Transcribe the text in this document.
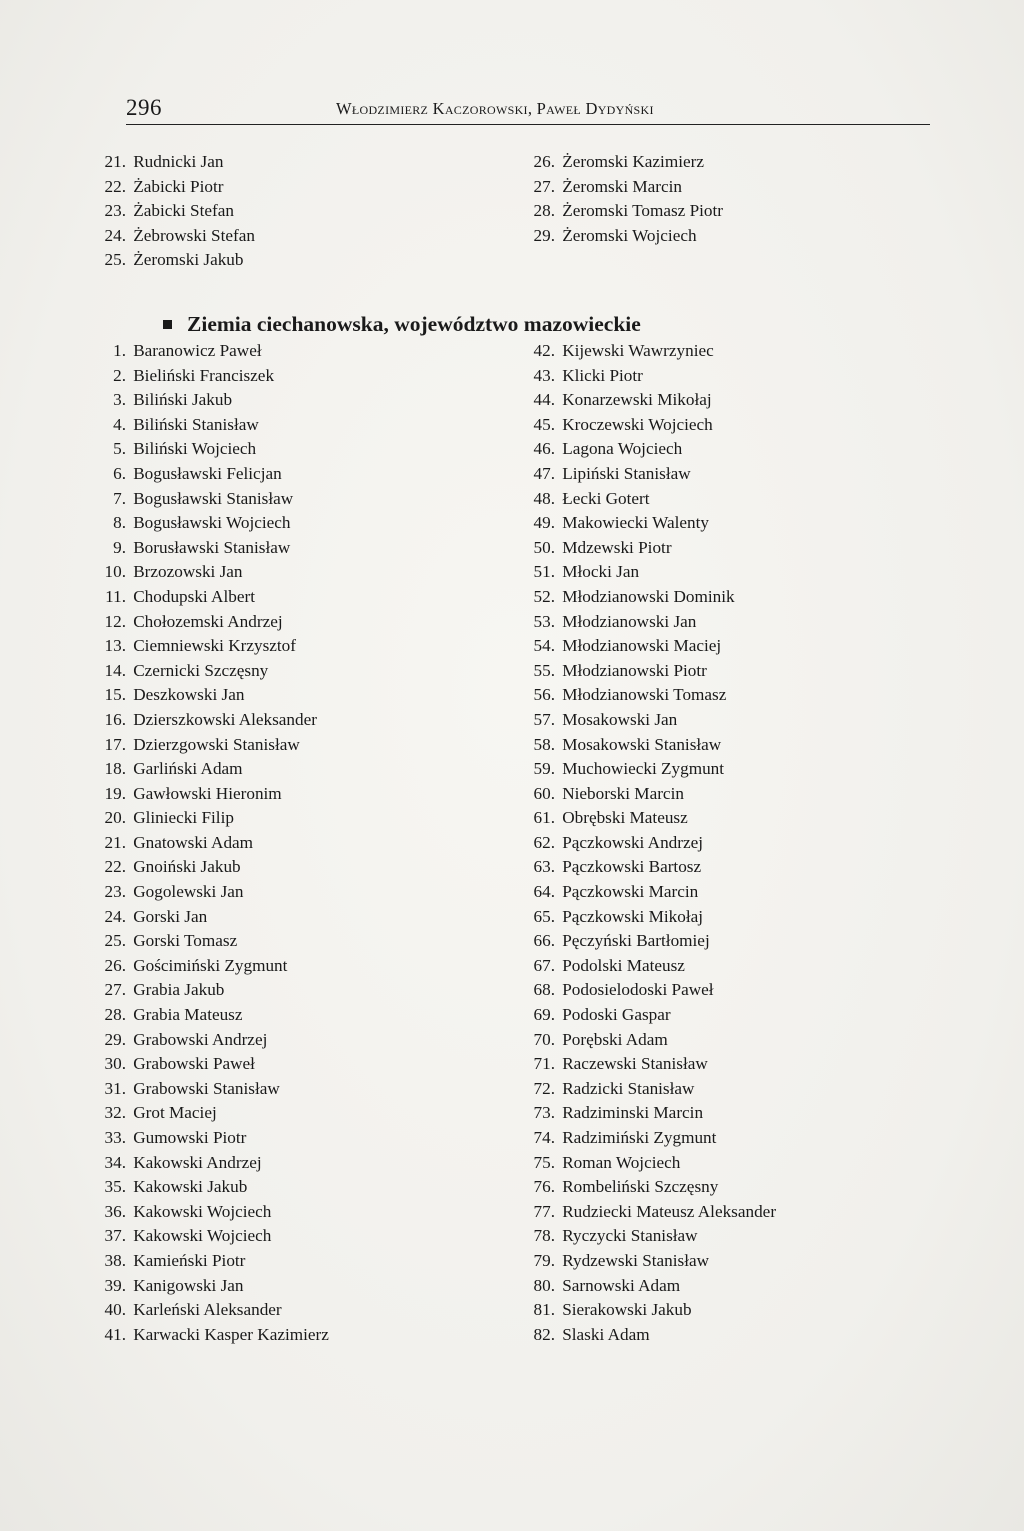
296	Włodzimierz Kaczorowski, Paweł Dydyński
21. Rudnicki Jan
22. Żabicki Piotr
23. Żabicki Stefan
24. Żebrowski Stefan
25. Żeromski Jakub
26. Żeromski Kazimierz
27. Żeromski Marcin
28. Żeromski Tomasz Piotr
29. Żeromski Wojciech
Ziemia ciechanowska, województwo mazowieckie
1. Baranowicz Paweł
2. Bieliński Franciszek
3. Biliński Jakub
4. Biliński Stanisław
5. Biliński Wojciech
6. Bogusławski Felicjan
7. Bogusławski Stanisław
8. Bogusławski Wojciech
9. Borusławski Stanisław
10. Brzozowski Jan
11. Chodupski Albert
12. Chołozemski Andrzej
13. Ciemniewski Krzysztof
14. Czernicki Szczęsny
15. Deszkowski Jan
16. Dzierszkowski Aleksander
17. Dzierzgowski Stanisław
18. Garliński Adam
19. Gawłowski Hieronim
20. Gliniecki Filip
21. Gnatowski Adam
22. Gnoiński Jakub
23. Gogolewski Jan
24. Gorski Jan
25. Gorski Tomasz
26. Gościmiński Zygmunt
27. Grabia Jakub
28. Grabia Mateusz
29. Grabowski Andrzej
30. Grabowski Paweł
31. Grabowski Stanisław
32. Grot Maciej
33. Gumowski Piotr
34. Kakowski Andrzej
35. Kakowski Jakub
36. Kakowski Wojciech
37. Kakowski Wojciech
38. Kamieński Piotr
39. Kanigowski Jan
40. Karleński Aleksander
41. Karwacki Kasper Kazimierz
42. Kijewski Wawrzyniec
43. Klicki Piotr
44. Konarzewski Mikołaj
45. Kroczewski Wojciech
46. Lagona Wojciech
47. Lipiński Stanisław
48. Łecki Gotert
49. Makowiecki Walenty
50. Mdzewski Piotr
51. Młocki Jan
52. Młodzianowski Dominik
53. Młodzianowski Jan
54. Młodzianowski Maciej
55. Młodzianowski Piotr
56. Młodzianowski Tomasz
57. Mosakowski Jan
58. Mosakowski Stanisław
59. Muchowiecki Zygmunt
60. Nieborski Marcin
61. Obrębski Mateusz
62. Pączkowski Andrzej
63. Pączkowski Bartosz
64. Pączkowski Marcin
65. Pączkowski Mikołaj
66. Pęczyński Bartłomiej
67. Podolski Mateusz
68. Podosielodoski Paweł
69. Podoski Gaspar
70. Porębski Adam
71. Raczewski Stanisław
72. Radzicki Stanisław
73. Radziminski Marcin
74. Radzimiński Zygmunt
75. Roman Wojciech
76. Rombeliński Szczęsny
77. Rudziecki Mateusz Aleksander
78. Ryczycki Stanisław
79. Rydzewski Stanisław
80. Sarnowski Adam
81. Sierakowski Jakub
82. Slaski Adam
